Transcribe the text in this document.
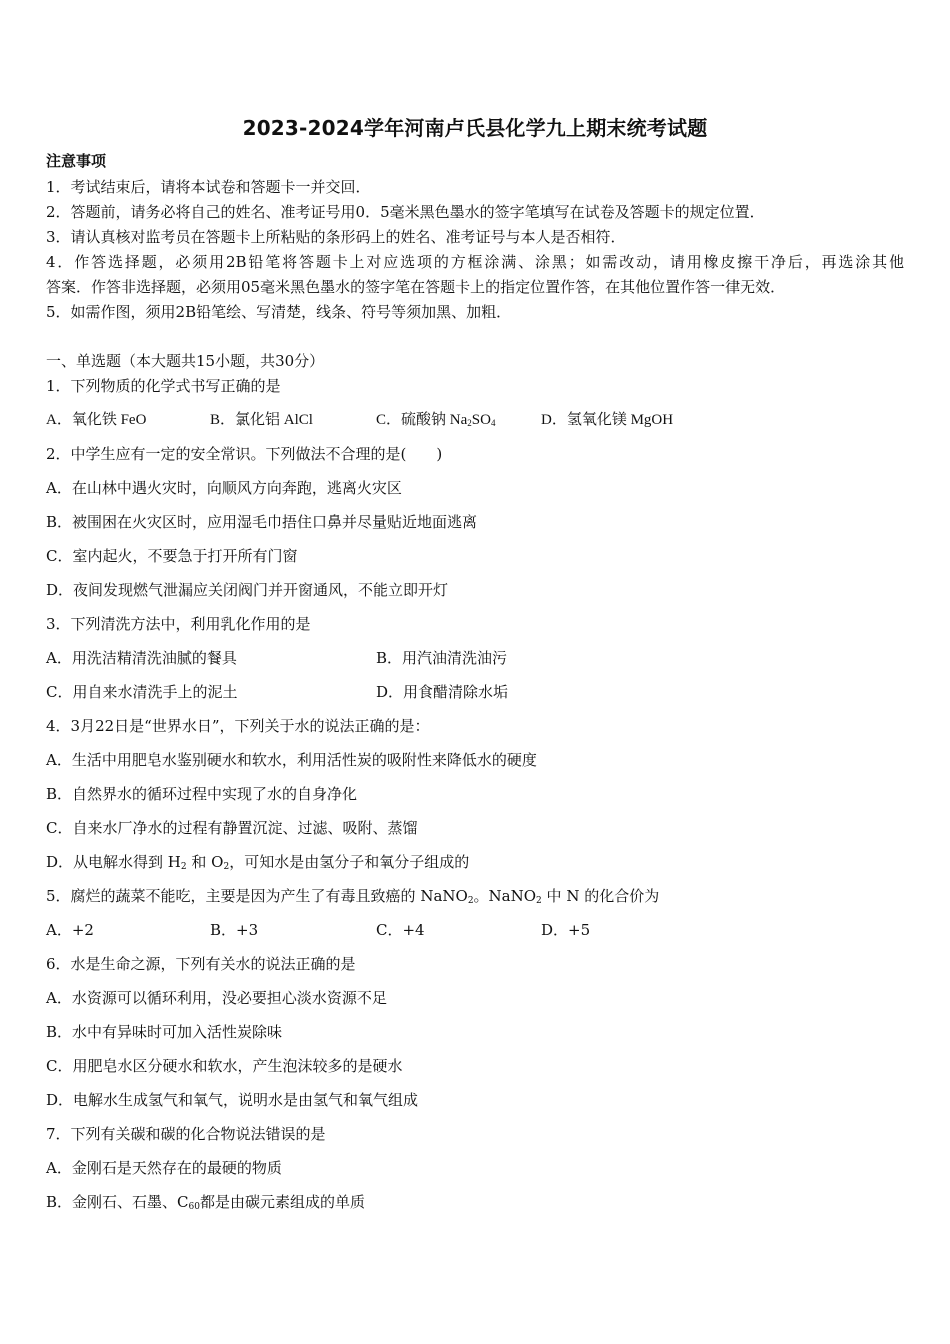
2023-2024学年河南卢氏县化学九上期末统考试题
注意事项
1．考试结束后，请将本试卷和答题卡一并交回．
2．答题前，请务必将自己的姓名、准考证号用0．5毫米黑色墨水的签字笔填写在试卷及答题卡的规定位置．
3．请认真核对监考员在答题卡上所粘贴的条形码上的姓名、准考证号与本人是否相符．
4．作答选择题，必须用2B铅笔将答题卡上对应选项的方框涂满、涂黑；如需改动，请用橡皮擦干净后，再选涂其他
答案．作答非选择题，必须用05毫米黑色墨水的签字笔在答题卡上的指定位置作答，在其他位置作答一律无效．
5．如需作图，须用2B铅笔绘、写清楚，线条、符号等须加黑、加粗．
一、单选题（本大题共15小题，共30分）
1．下列物质的化学式书写正确的是
A．氧化铁 FeO	B．氯化铝 AlCl	C．硫酸钠 $Na_2SO_4$	D．氢氧化镁 MgOH
2．中学生应有一定的安全常识。下列做法不合理的是(　　)
A．在山林中遇火灾时，向顺风方向奔跑，逃离火灾区
B．被围困在火灾区时，应用湿毛巾捂住口鼻并尽量贴近地面逃离
C．室内起火，不要急于打开所有门窗
D．夜间发现燃气泄漏应关闭阀门并开窗通风，不能立即开灯
3．下列清洗方法中，利用乳化作用的是
A．用洗洁精清洗油腻的餐具	B．用汽油清洗油污
C．用自来水清洗手上的泥土	D．用食醋清除水垢
4．3月22日是“世界水日”，下列关于水的说法正确的是：
A．生活中用肥皂水鉴别硬水和软水，利用活性炭的吸附性来降低水的硬度
B．自然界水的循环过程中实现了水的自身净化
C．自来水厂净水的过程有静置沉淀、过滤、吸附、蒸馏
D．从电解水得到 $H_2$ 和 $O_2$，可知水是由氢分子和氧分子组成的
5．腐烂的蔬菜不能吃，主要是因为产生了有毒且致癌的 NaNO$_2$。NaNO$_2$ 中 N 的化合价为
A．+2	B．+3	C．+4	D．+5
6．水是生命之源，下列有关水的说法正确的是
A．水资源可以循环利用，没必要担心淡水资源不足
B．水中有异味时可加入活性炭除味
C．用肥皂水区分硬水和软水，产生泡沫较多的是硬水
D．电解水生成氢气和氧气，说明水是由氢气和氧气组成
7．下列有关碳和碳的化合物说法错误的是
A．金刚石是天然存在的最硬的物质
B．金刚石、石墨、$C_{60}$都是由碳元素组成的单质
